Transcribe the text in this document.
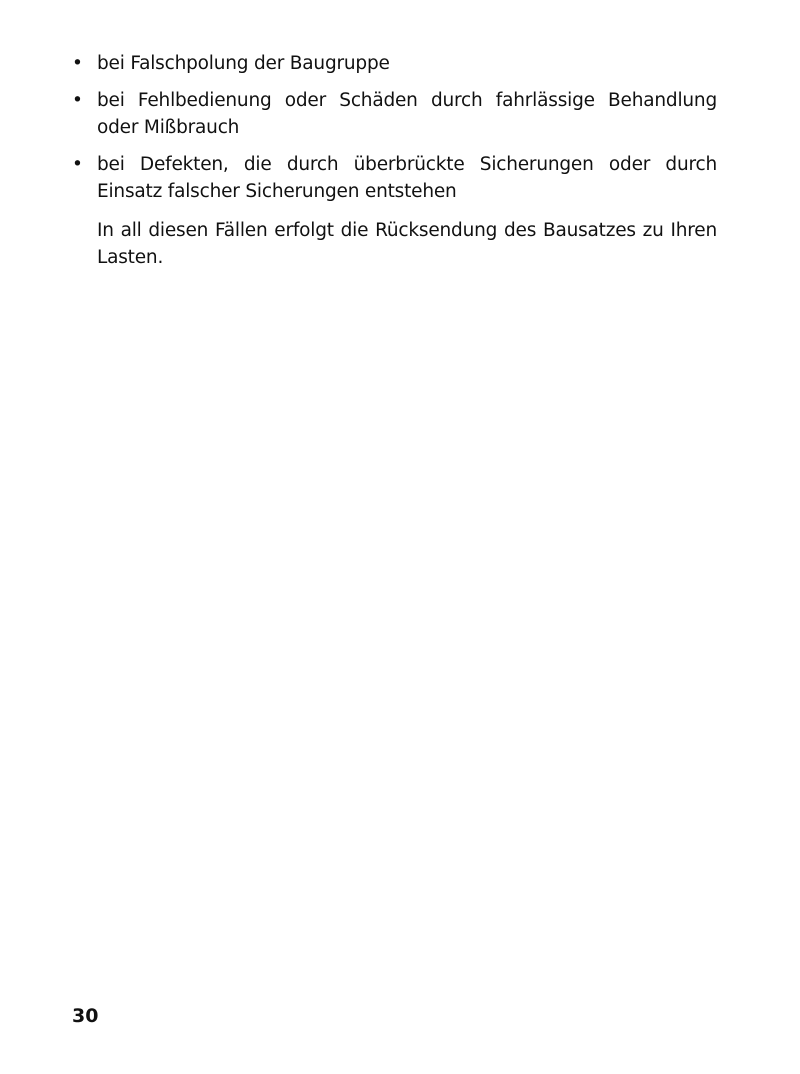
• bei Falschpolung der Baugruppe
• bei Fehlbedienung oder Schäden durch fahrlässige Behandlung oder Mißbrauch
• bei Defekten, die durch überbrückte Sicherungen oder durch Einsatz falscher Sicherungen entstehen

In all diesen Fällen erfolgt die Rücksendung des Bausatzes zu Ihren Lasten.

30
